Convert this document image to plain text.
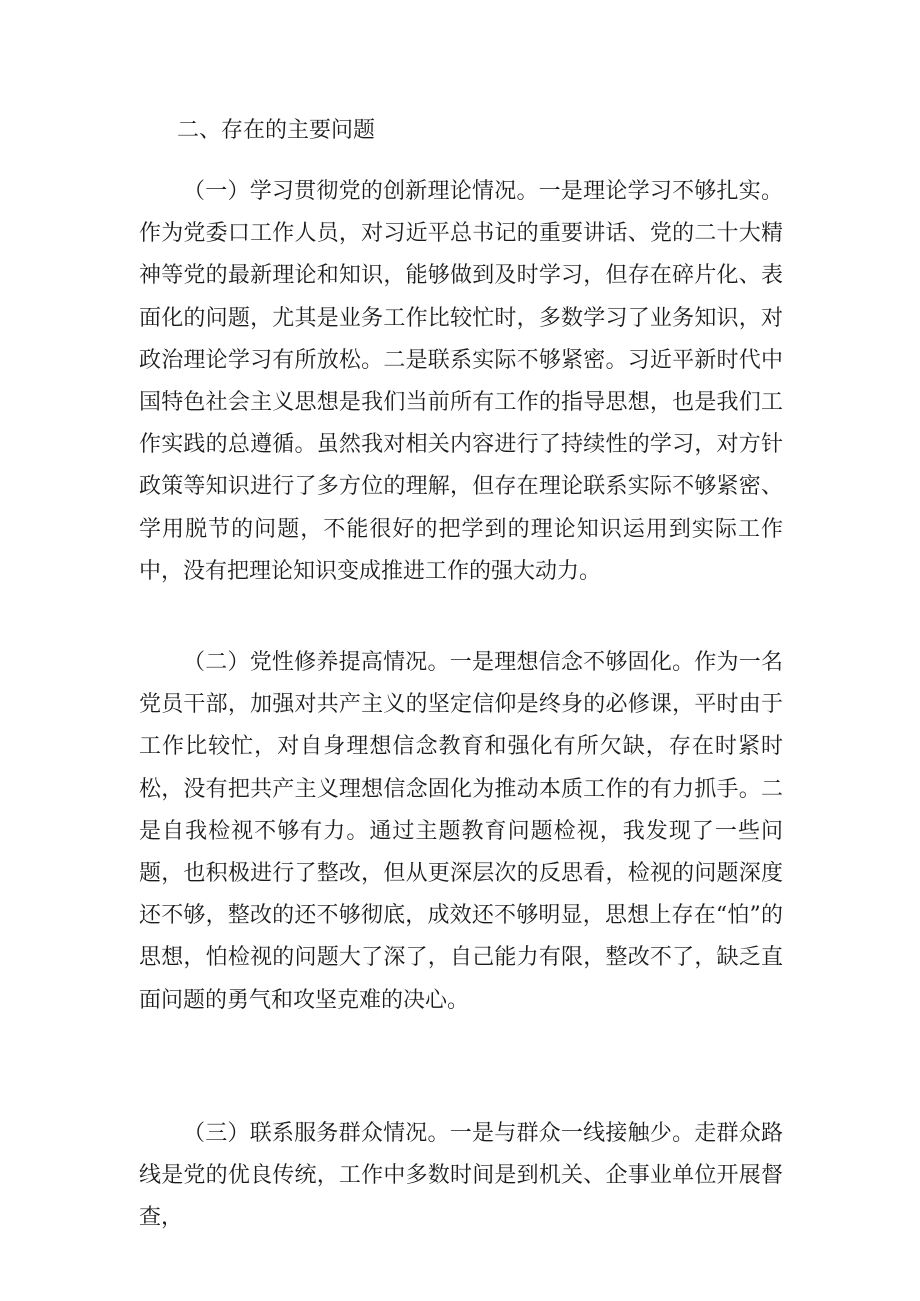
二、存在的主要问题

（一）学习贯彻党的创新理论情况。一是理论学习不够扎实。作为党委口工作人员，对习近平总书记的重要讲话、党的二十大精神等党的最新理论和知识，能够做到及时学习，但存在碎片化、表面化的问题，尤其是业务工作比较忙时，多数学习了业务知识，对政治理论学习有所放松。二是联系实际不够紧密。习近平新时代中国特色社会主义思想是我们当前所有工作的指导思想，也是我们工作实践的总遵循。虽然我对相关内容进行了持续性的学习，对方针政策等知识进行了多方位的理解，但存在理论联系实际不够紧密、学用脱节的问题，不能很好的把学到的理论知识运用到实际工作中，没有把理论知识变成推进工作的强大动力。

（二）党性修养提高情况。一是理想信念不够固化。作为一名党员干部，加强对共产主义的坚定信仰是终身的必修课，平时由于工作比较忙，对自身理想信念教育和强化有所欠缺，存在时紧时松，没有把共产主义理想信念固化为推动本质工作的有力抓手。二是自我检视不够有力。通过主题教育问题检视，我发现了一些问题，也积极进行了整改，但从更深层次的反思看，检视的问题深度还不够，整改的还不够彻底，成效还不够明显，思想上存在“怕”的思想，怕检视的问题大了深了，自己能力有限，整改不了，缺乏直面问题的勇气和攻坚克难的决心。

（三）联系服务群众情况。一是与群众一线接触少。走群众路线是党的优良传统，工作中多数时间是到机关、企事业单位开展督查，
